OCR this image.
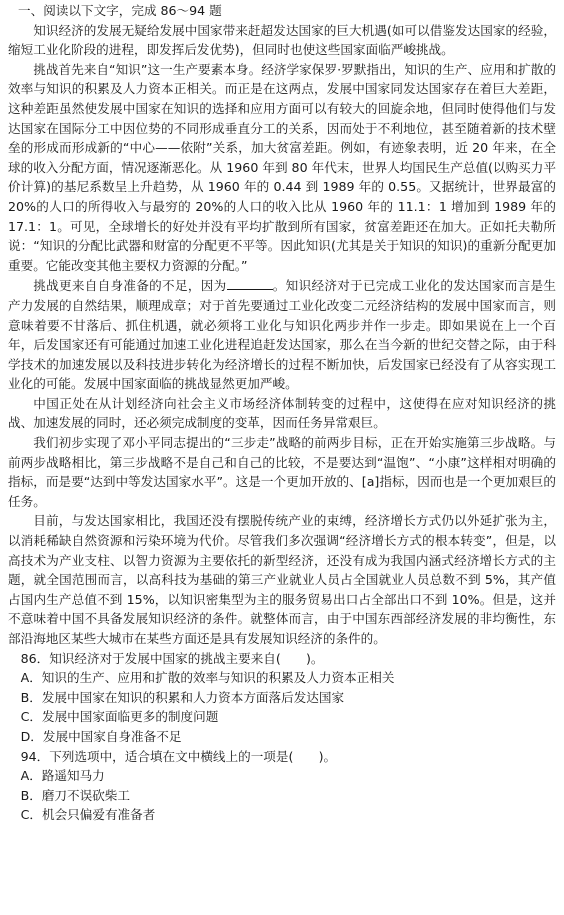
一、阅读以下文字，完成 86～94 题

知识经济的发展无疑给发展中国家带来赶超发达国家的巨大机遇(如可以借鉴发达国家的经验，缩短工业化阶段的进程，即发挥后发优势)，但同时也使这些国家面临严峻挑战。

挑战首先来自“知识”这一生产要素本身。经济学家保罗·罗默指出，知识的生产、应用和扩散的效率与知识的积累及人力资本正相关。而正是在这两点，发展中国家同发达国家存在着巨大差距，这种差距虽然使发展中国家在知识的选择和应用方面可以有较大的回旋余地，但同时使得他们与发达国家在国际分工中因位势的不同形成垂直分工的关系，因而处于不利地位，甚至随着新的技术壁垒的形成而形成新的“中心——依附”关系，加大贫富差距。例如，有迹象表明，近 20 年来，在全球的收入分配方面，情况逐渐恶化。从 1960 年到 80 年代末，世界人均国民生产总值(以购买力平价计算)的基尼系数呈上升趋势，从 1960 年的 0.44 到 1989 年的 0.55。又据统计，世界最富的 20%的人口的所得收入与最穷的 20%的人口的收入比从 1960 年的 11.1：1 增加到 1989 年的 17.1：1。可见，全球增长的好处并没有平均扩散到所有国家，贫富差距还在加大。正如托夫勒所说：“知识的分配比武器和财富的分配更不平等。因此知识(尤其是关于知识的知识)的重新分配更加重要。它能改变其他主要权力资源的分配。”

挑战更来自自身准备的不足，因为	。知识经济对于已完成工业化的发达国家而言是生产力发展的自然结果，顺理成章；对于首先要通过工业化改变二元经济结构的发展中国家而言，则意味着要不甘落后、抓住机遇，就必须将工业化与知识化两步并作一步走。即如果说在上一个百年，后发国家还有可能通过加速工业化进程追赶发达国家，那么在当今新的世纪交替之际，由于科学技术的加速发展以及科技进步转化为经济增长的过程不断加快，后发国家已经没有了从容实现工业化的可能。发展中国家面临的挑战显然更加严峻。

中国正处在从计划经济向社会主义市场经济体制转变的过程中，这使得在应对知识经济的挑战、加速发展的同时，还必须完成制度的变革，因而任务异常艰巨。

我们初步实现了邓小平同志提出的“三步走”战略的前两步目标，正在开始实施第三步战略。与前两步战略相比，第三步战略不是自己和自己的比较，不是要达到“温饱”、“小康”这样相对明确的指标，而是要“达到中等发达国家水平”。这是一个更加开放的、[a]指标，因而也是一个更加艰巨的任务。

目前，与发达国家相比，我国还没有摆脱传统产业的束缚，经济增长方式仍以外延扩张为主，以消耗稀缺自然资源和污染环境为代价。尽管我们多次强调“经济增长方式的根本转变”，但是，以高技术为产业支柱、以智力资源为主要依托的新型经济，还没有成为我国内涵式经济增长方式的主题，就全国范围而言，以高科技为基础的第三产业就业人员占全国就业人员总数不到 5%，其产值占国内生产总值不到 15%，以知识密集型为主的服务贸易出口占全部出口不到 10%。但是，这并不意味着中国不具备发展知识经济的条件。就整体而言，由于中国东西部经济发展的非均衡性，东部沿海地区某些大城市在某些方面还是具有发展知识经济的条件的。

86．知识经济对于发展中国家的挑战主要来自(　　)。

A．知识的生产、应用和扩散的效率与知识的积累及人力资本正相关

B．发展中国家在知识的积累和人力资本方面落后发达国家

C．发展中国家面临更多的制度问题

D．发展中国家自身准备不足

94．下列选项中，适合填在文中横线上的一项是(　　)。

A．路遥知马力

B．磨刀不误砍柴工

C．机会只偏爱有准备者
